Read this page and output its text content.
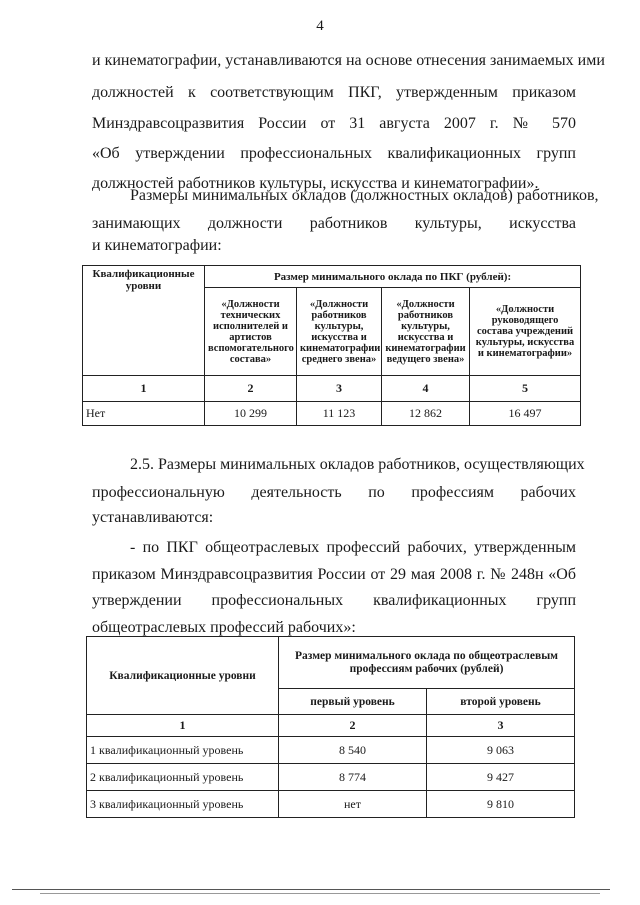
4
и кинематографии, устанавливаются на основе отнесения занимаемых ими
должностей к соответствующим ПКГ, утвержденным приказом
Минздравсоцразвития России от 31 августа 2007 г. № 570
«Об утверждении профессиональных квалификационных групп
должностей работников культуры, искусства и кинематографии».
Размеры минимальных окладов (должностных окладов) работников,
занимающих должности работников культуры, искусства
и кинематографии:
Квалификационные уровни	Размер минимального оклада по ПКГ (рублей):			
	«Должности технических исполнителей и артистов вспомогательного состава»	«Должности работников культуры, искусства и кинематографии среднего звена»	«Должности работников культуры, искусства и кинематографии ведущего звена»	«Должности руководящего состава учреждений культуры, искусства и кинематографии»
1	2	3	4	5
Нет	10 299	11 123	12 862	16 497
2.5. Размеры минимальных окладов работников, осуществляющих
профессиональную деятельность по профессиям рабочих
устанавливаются:
- по ПКГ общеотраслевых профессий рабочих, утвержденным
приказом Минздравсоцразвития России от 29 мая 2008 г. № 248н «Об
утверждении профессиональных квалификационных групп
общеотраслевых профессий рабочих»:
Квалификационные уровни	Размер минимального оклада по общеотраслевым профессиям рабочих (рублей)	
	первый уровень	второй уровень
1	2	3
1 квалификационный уровень	8 540	9 063
2 квалификационный уровень	8 774	9 427
3 квалификационный уровень	нет	9 810
